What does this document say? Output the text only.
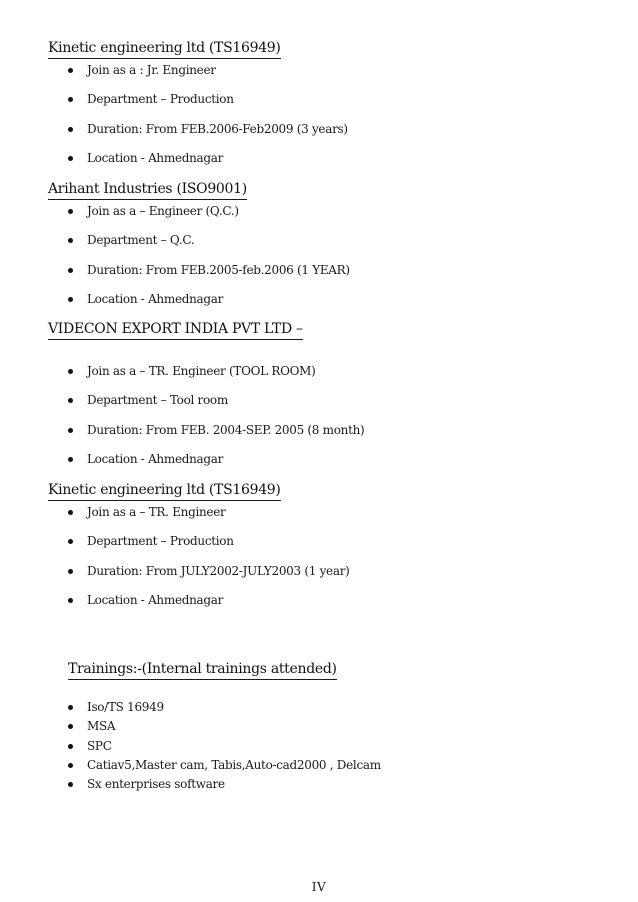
Kinetic engineering ltd (TS16949)
Join as a : Jr. Engineer
Department – Production
Duration: From FEB.2006-Feb2009 (3 years)
Location - Ahmednagar
Arihant Industries (ISO9001)
Join as a – Engineer (Q.C.)
Department – Q.C.
Duration: From FEB.2005-feb.2006 (1 YEAR)
Location - Ahmednagar
VIDECON EXPORT INDIA PVT LTD –
Join as a – TR. Engineer (TOOL ROOM)
Department – Tool room
Duration: From FEB. 2004-SEP. 2005 (8 month)
Location - Ahmednagar
Kinetic engineering ltd (TS16949)
Join as a – TR. Engineer
Department – Production
Duration: From JULY2002-JULY2003 (1 year)
Location - Ahmednagar
Trainings:-(Internal trainings attended)
Iso/TS 16949
MSA
SPC
Catiav5,Master cam, Tabis,Auto-cad2000 , Delcam
Sx enterprises software
IV
